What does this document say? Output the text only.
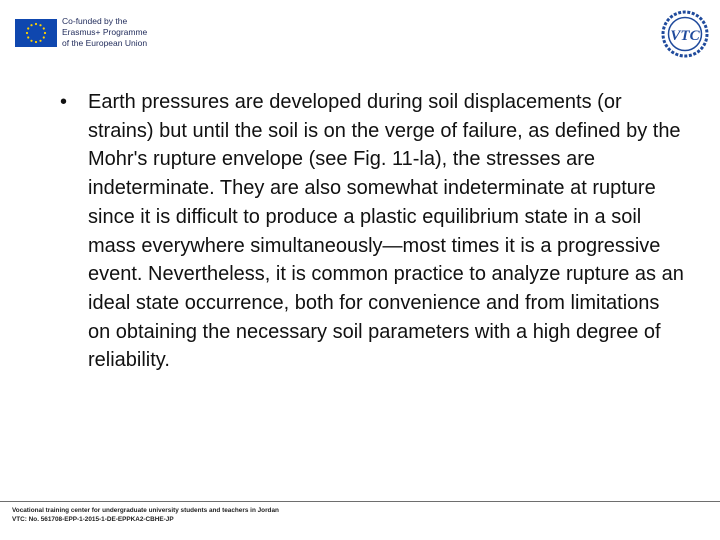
Co-funded by the
Erasmus+ Programme
of the European Union	VTC
•	Earth pressures are developed during soil displacements (or strains) but until the soil is on the verge of failure, as defined by the Mohr's rupture envelope (see Fig. 11-la), the stresses are indeterminate. They are also somewhat indeterminate at rupture since it is difficult to produce a plastic equilibrium state in a soil mass everywhere simultaneously—most times it is a progressive event. Nevertheless, it is common practice to analyze rupture as an ideal state occurrence, both for convenience and from limitations on obtaining the necessary soil parameters with a high degree of reliability.
Vocational training center for undergraduate university students and teachers in Jordan
VTC: No. 561708-EPP-1-2015-1-DE-EPPKA2-CBHE-JP
